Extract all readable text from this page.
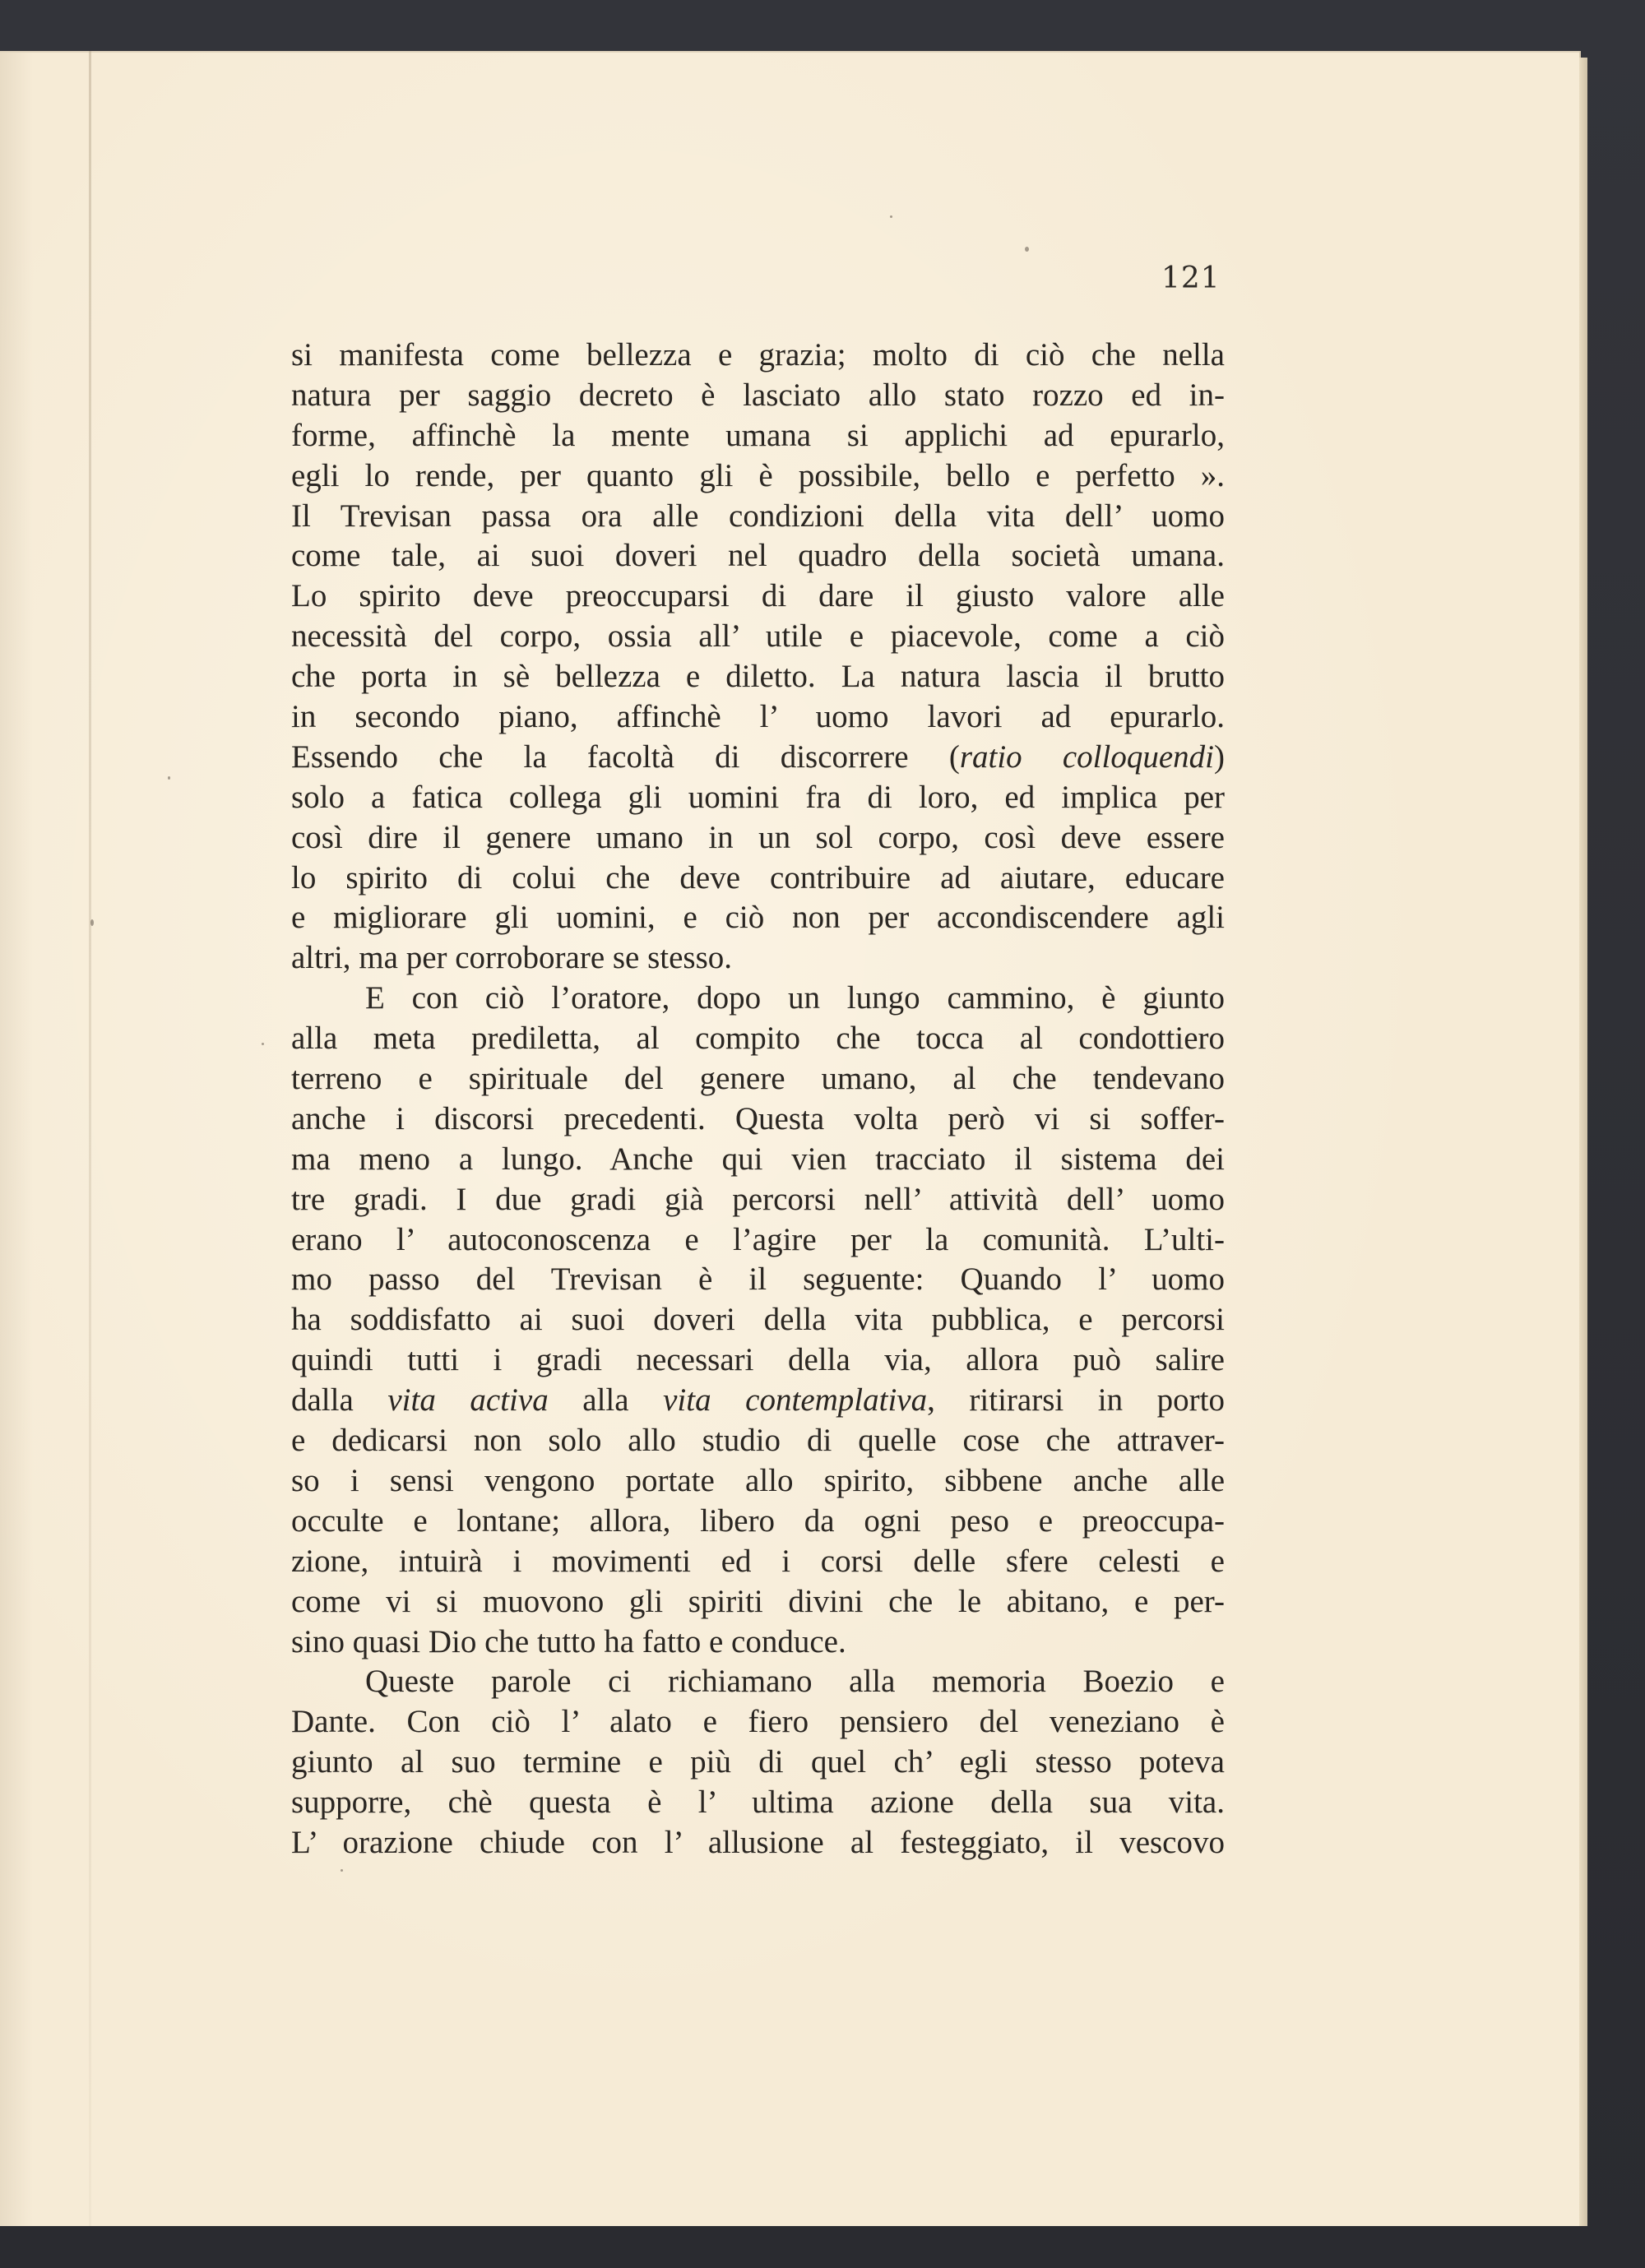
121
si manifesta come bellezza e grazia; molto di ciò che nella
natura per saggio decreto è lasciato allo stato rozzo ed in-
forme, affinchè la mente umana si applichi ad epurarlo,
egli lo rende, per quanto gli è possibile, bello e perfetto ».
Il Trevisan passa ora alle condizioni della vita dell’ uomo
come tale, ai suoi doveri nel quadro della società umana.
Lo spirito deve preoccuparsi di dare il giusto valore alle
necessità del corpo, ossia all’ utile e piacevole, come a ciò
che porta in sè bellezza e diletto. La natura lascia il brutto
in secondo piano, affinchè l’ uomo lavori ad epurarlo.
Essendo che la facoltà di discorrere (ratio colloquendi)
solo a fatica collega gli uomini fra di loro, ed implica per
così dire il genere umano in un sol corpo, così deve essere
lo spirito di colui che deve contribuire ad aiutare, educare
e migliorare gli uomini, e ciò non per accondiscendere agli
altri, ma per corroborare se stesso.
E con ciò l’oratore, dopo un lungo cammino, è giunto
alla meta prediletta, al compito che tocca al condottiero
terreno e spirituale del genere umano, al che tendevano
anche i discorsi precedenti. Questa volta però vi si soffer-
ma meno a lungo. Anche qui vien tracciato il sistema dei
tre gradi. I due gradi già percorsi nell’ attività dell’ uomo
erano l’ autoconoscenza e l’agire per la comunità. L’ulti-
mo passo del Trevisan è il seguente: Quando l’ uomo
ha soddisfatto ai suoi doveri della vita pubblica, e percorsi
quindi tutti i gradi necessari della via, allora può salire
dalla vita activa alla vita contemplativa, ritirarsi in porto
e dedicarsi non solo allo studio di quelle cose che attraver-
so i sensi vengono portate allo spirito, sibbene anche alle
occulte e lontane; allora, libero da ogni peso e preoccupa-
zione, intuirà i movimenti ed i corsi delle sfere celesti e
come vi si muovono gli spiriti divini che le abitano, e per-
sino quasi Dio che tutto ha fatto e conduce.
Queste parole ci richiamano alla memoria Boezio e
Dante. Con ciò l’ alato e fiero pensiero del veneziano è
giunto al suo termine e più di quel ch’ egli stesso poteva
supporre, chè questa è l’ ultima azione della sua vita.
L’ orazione chiude con l’ allusione al festeggiato, il vescovo
